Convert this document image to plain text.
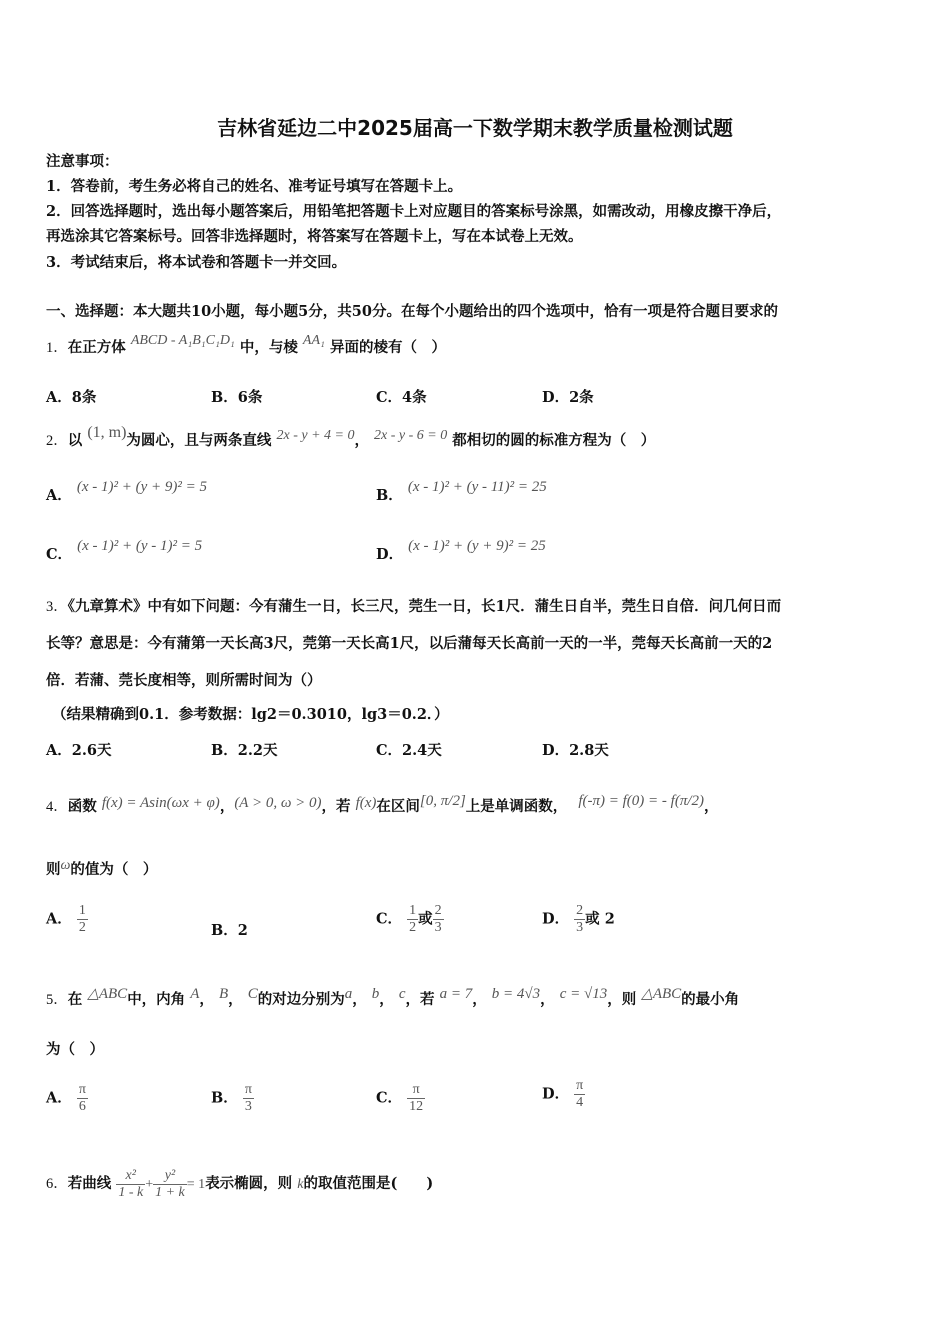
吉林省延边二中2025届高一下数学期末教学质量检测试题
注意事项：
1．答卷前，考生务必将自己的姓名、准考证号填写在答题卡上。
2．回答选择题时，选出每小题答案后，用铅笔把答题卡上对应题目的答案标号涂黑，如需改动，用橡皮擦干净后，
再选涂其它答案标号。回答非选择题时，将答案写在答题卡上，写在本试卷上无效。
3．考试结束后，将本试卷和答题卡一并交回。
一、选择题：本大题共10小题，每小题5分，共50分。在每个小题给出的四个选项中，恰有一项是符合题目要求的
1．在正方体 ABCD - A₁B₁C₁D₁ 中，与棱 AA₁ 异面的棱有（　）
A．8条	B．6条	C．4条	D．2条
2．以 (1, m)为圆心，且与两条直线 2x - y + 4 = 0， 2x - y - 6 = 0 都相切的圆的标准方程为（　）
A． (x - 1)² + (y + 9)² = 5	B． (x - 1)² + (y - 11)² = 25
C． (x - 1)² + (y - 1)² = 5	D． (x - 1)² + (y + 9)² = 25
3．《九章算术》中有如下问题：今有蒲生一日，长三尺，莞生一日，长1尺．蒲生日自半，莞生日自倍．问几何日而
长等？意思是：今有蒲第一天长高3尺，莞第一天长高1尺，以后蒲每天长高前一天的一半，莞每天长高前一天的2
倍．若蒲、莞长度相等，则所需时间为（）
（结果精确到0.1．参考数据：lg2＝0.3010，lg3＝0.2．）
A．2.6天	B．2.2天	C．2.4天	D．2.8天
4．函数 f(x) = Asin(ωx + φ)，(A > 0, ω > 0)，若 f(x)在区间[0, π/2]上是单调函数， f(-π) = f(0) = - f(π/2)，
则ω的值为（　）
A． $\frac{1}{2}$	B．2
C． $\frac{1}{2}$ 或 $\frac{2}{3}$	D． $\frac{2}{3}$ 或 2
5．在 △ABC中，内角 A， B， C的对边分别为a， b， c，若 a = 7， b = 4√3， c = √13，则 △ABC的最小角
为（　）
A． $\frac{\pi}{6}$	B． $\frac{\pi}{3}$	C． $\frac{\pi}{12}$	D． $\frac{\pi}{4}$
6．若曲线 $\frac{\text{x²}}{1 - k} + \frac{\text{y²}}{1 + k} = 1$表示椭圆，则 k的取值范围是(　　)
